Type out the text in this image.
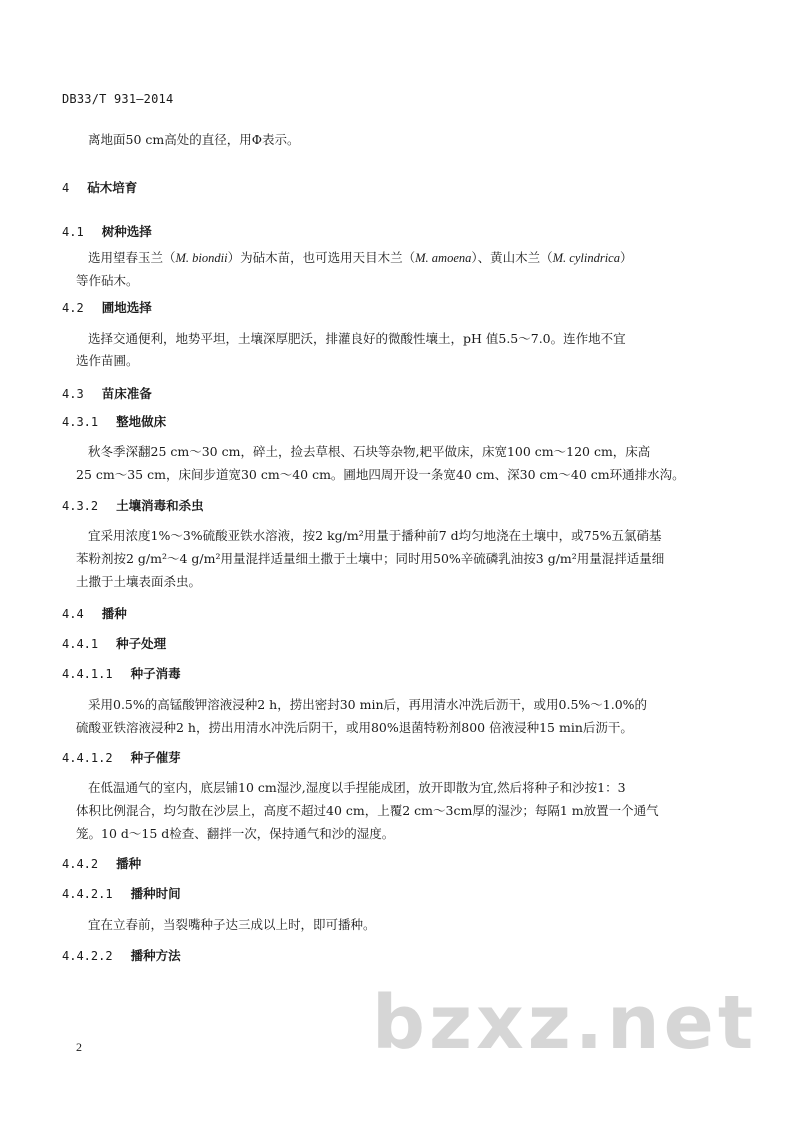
DB33/T 931—2014

离地面50 cm高处的直径，用Φ表示。

4 砧木培育
4.1 树种选择

选用望春玉兰（M. biondii）为砧木苗，也可选用天目木兰（M. amoena）、黄山木兰（M. cylindrica）

等作砧木。

4.2 圃地选择

选择交通便利，地势平坦，土壤深厚肥沃，排灌良好的微酸性壤土，pH 值5.5～7.0。连作地不宜

选作苗圃。

4.3 苗床准备
4.3.1 整地做床

秋冬季深翻25 cm～30 cm，碎土，捡去草根、石块等杂物,耙平做床，床宽100 cm～120 cm，床高

25 cm～35 cm，床间步道宽30 cm～40 cm。圃地四周开设一条宽40 cm、深30 cm～40 cm环通排水沟。

4.3.2 土壤消毒和杀虫

宜采用浓度1%～3%硫酸亚铁水溶液，按2 kg/m²用量于播种前7 d均匀地浇在土壤中，或75%五氯硝基

苯粉剂按2 g/m²～4 g/m²用量混拌适量细土撒于土壤中；同时用50%辛硫磷乳油按3 g/m²用量混拌适量细

土撒于土壤表面杀虫。

4.4 播种
4.4.1 种子处理
4.4.1.1 种子消毒

采用0.5%的高锰酸钾溶液浸种2 h，捞出密封30 min后，再用清水冲洗后沥干，或用0.5%～1.0%的

硫酸亚铁溶液浸种2 h，捞出用清水冲洗后阴干，或用80%退菌特粉剂800 倍液浸种15 min后沥干。

4.4.1.2 种子催芽

在低温通气的室内，底层铺10 cm湿沙,湿度以手捏能成团，放开即散为宜,然后将种子和沙按1：3

体积比例混合，均匀散在沙层上，高度不超过40 cm，上覆2 cm～3cm厚的湿沙；每隔1 m放置一个通气

笼。10 d～15 d检查、翻拌一次，保持通气和沙的湿度。

4.4.2 播种
4.4.2.1 播种时间

宜在立春前，当裂嘴种子达三成以上时，即可播种。

4.4.2.2 播种方法
bzxz.net
2
